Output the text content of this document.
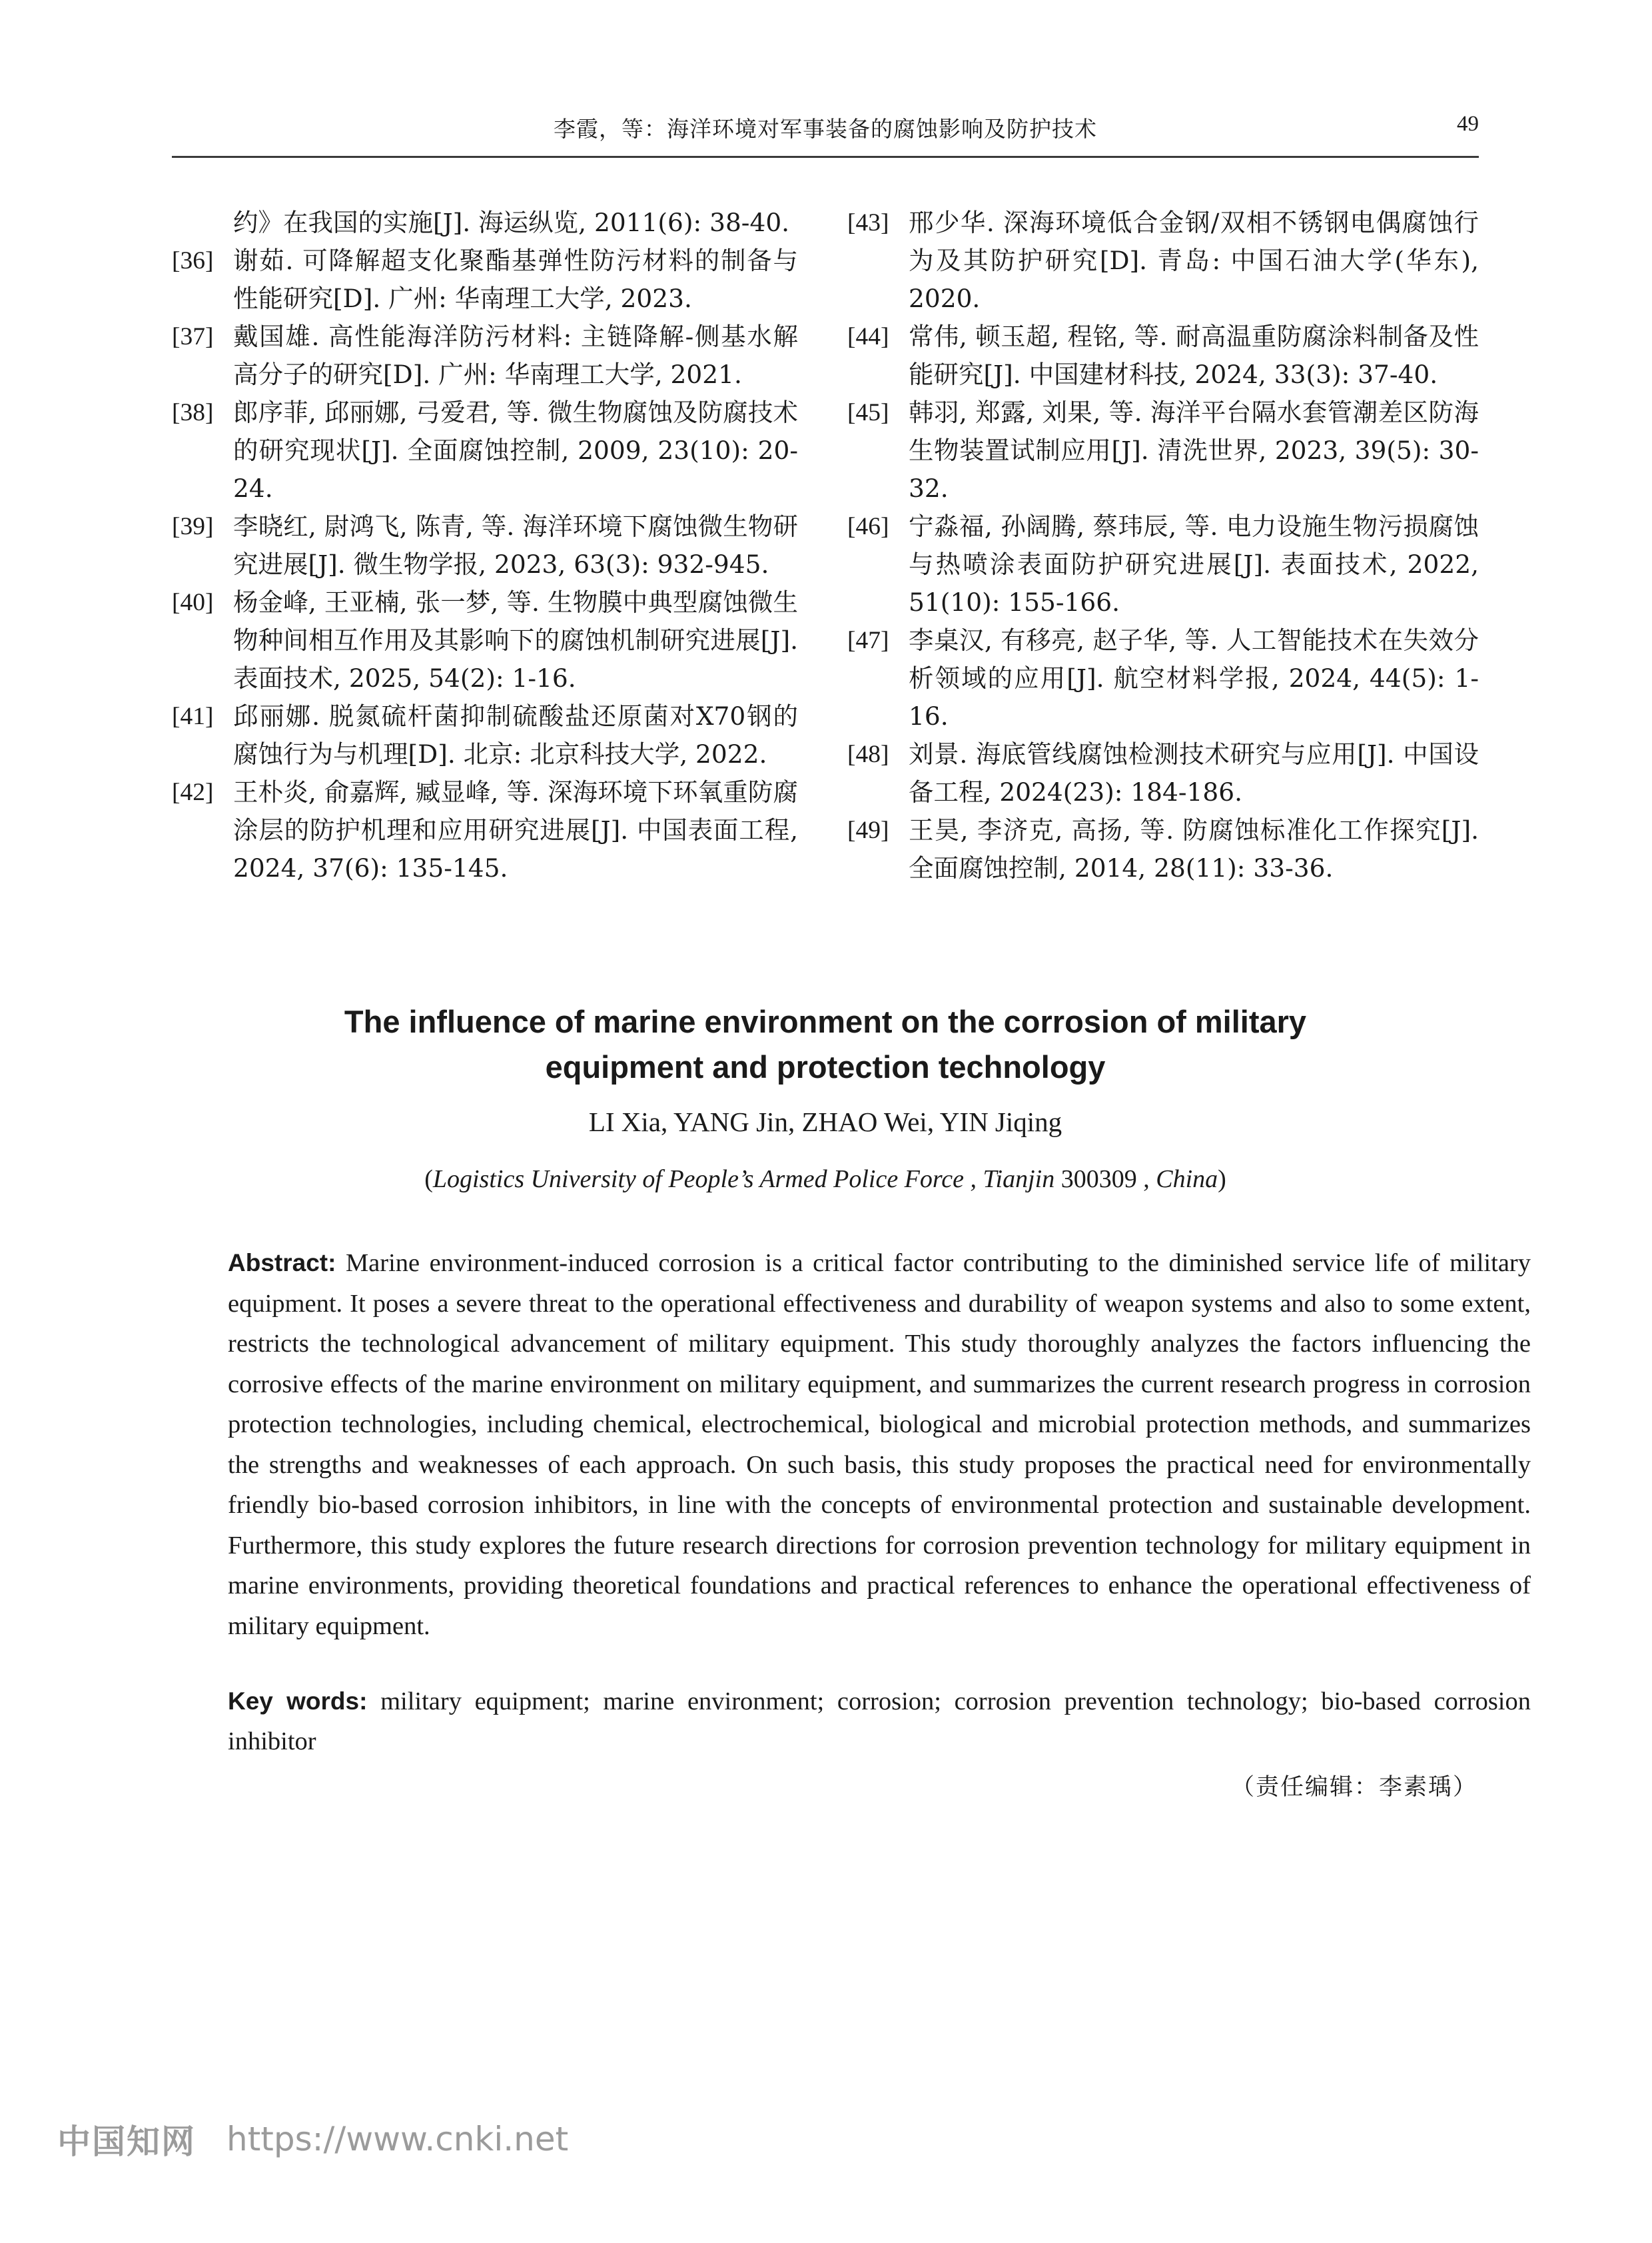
李霞，等：海洋环境对军事装备的腐蚀影响及防护技术	49

约》在我国的实施[J]. 海运纵览, 2011(6): 38-40.

[36] 谢茹. 可降解超支化聚酯基弹性防污材料的制备与性能研究[D]. 广州: 华南理工大学, 2023.

[37] 戴国雄. 高性能海洋防污材料: 主链降解-侧基水解高分子的研究[D]. 广州: 华南理工大学, 2021.

[38] 郎序菲, 邱丽娜, 弓爱君, 等. 微生物腐蚀及防腐技术的研究现状[J]. 全面腐蚀控制, 2009, 23(10): 20-24.

[39] 李晓红, 尉鸿飞, 陈青, 等. 海洋环境下腐蚀微生物研究进展[J]. 微生物学报, 2023, 63(3): 932-945.

[40] 杨金峰, 王亚楠, 张一梦, 等. 生物膜中典型腐蚀微生物种间相互作用及其影响下的腐蚀机制研究进展[J]. 表面技术, 2025, 54(2): 1-16.

[41] 邱丽娜. 脱氮硫杆菌抑制硫酸盐还原菌对X70钢的腐蚀行为与机理[D]. 北京: 北京科技大学, 2022.

[42] 王朴炎, 俞嘉辉, 臧显峰, 等. 深海环境下环氧重防腐涂层的防护机理和应用研究进展[J]. 中国表面工程, 2024, 37(6): 135-145.

[43] 邢少华. 深海环境低合金钢/双相不锈钢电偶腐蚀行为及其防护研究[D]. 青岛: 中国石油大学(华东), 2020.

[44] 常伟, 顿玉超, 程铭, 等. 耐高温重防腐涂料制备及性能研究[J]. 中国建材科技, 2024, 33(3): 37-40.

[45] 韩羽, 郑露, 刘果, 等. 海洋平台隔水套管潮差区防海生物装置试制应用[J]. 清洗世界, 2023, 39(5): 30-32.

[46] 宁淼福, 孙阔腾, 蔡玮辰, 等. 电力设施生物污损腐蚀与热喷涂表面防护研究进展[J]. 表面技术, 2022, 51(10): 155-166.

[47] 李桌汉, 有移亮, 赵子华, 等. 人工智能技术在失效分析领域的应用[J]. 航空材料学报, 2024, 44(5): 1-16.

[48] 刘景. 海底管线腐蚀检测技术研究与应用[J]. 中国设备工程, 2024(23): 184-186.

[49] 王昊, 李济克, 高扬, 等. 防腐蚀标准化工作探究[J]. 全面腐蚀控制, 2014, 28(11): 33-36.

The influence of marine environment on the corrosion of military
equipment and protection technology
LI Xia, YANG Jin, ZHAO Wei, YIN Jiqing
(Logistics University of People’s Armed Police Force , Tianjin 300309 , China)

Abstract: Marine environment-induced corrosion is a critical factor contributing to the diminished service life of military equipment. It poses a severe threat to the operational effectiveness and durability of weapon systems and also to some extent, restricts the technological advancement of military equipment. This study thoroughly analyzes the factors influencing the corrosive effects of the marine environment on military equipment, and summarizes the current research progress in corrosion protection technologies, including chemical, electrochemical, biological and microbial protection methods, and summarizes the strengths and weaknesses of each approach. On such basis, this study proposes the practical need for environmentally friendly bio-based corrosion inhibitors, in line with the concepts of environmental protection and sustainable development. Furthermore, this study explores the future research directions for corrosion prevention technology for military equipment in marine environments, providing theoretical foundations and practical references to enhance the operational effectiveness of military equipment.

Key words: military equipment; marine environment; corrosion; corrosion prevention technology; bio-based corrosion inhibitor

（责任编辑：李素瑀）
中国知网 https://www.cnki.net
